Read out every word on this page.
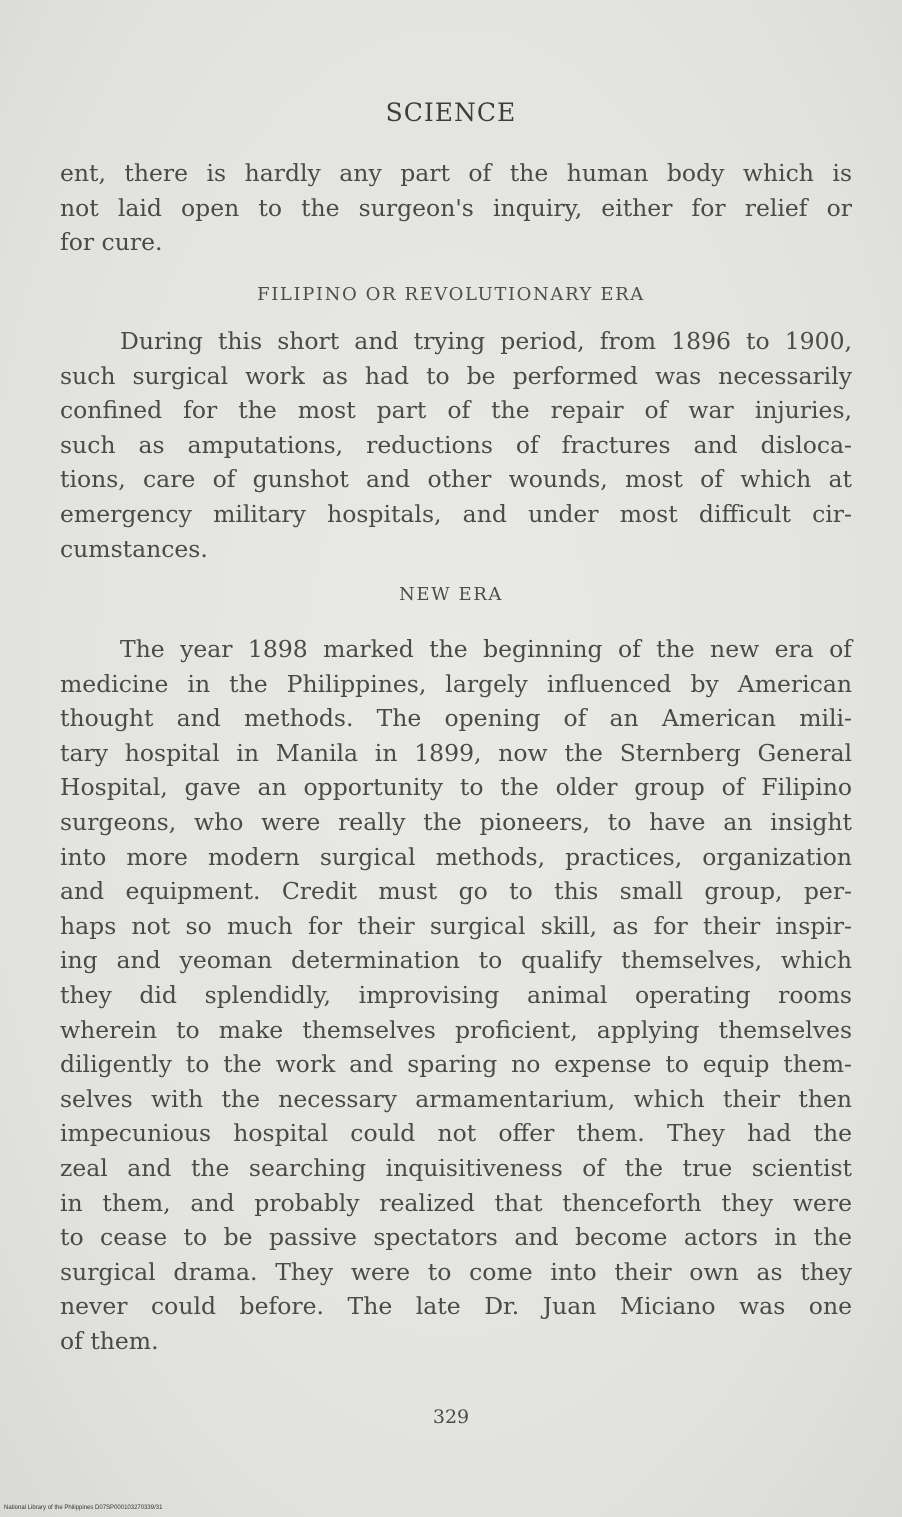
SCIENCE
ent, there is hardly any part of the human body which is
not laid open to the surgeon's inquiry, either for relief or
for cure.
FILIPINO OR REVOLUTIONARY ERA
During this short and trying period, from 1896 to 1900,
such surgical work as had to be performed was necessarily
confined for the most part of the repair of war injuries,
such as amputations, reductions of fractures and disloca-
tions, care of gunshot and other wounds, most of which at
emergency military hospitals, and under most difficult cir-
cumstances.
NEW ERA
The year 1898 marked the beginning of the new era of
medicine in the Philippines, largely influenced by American
thought and methods. The opening of an American mili-
tary hospital in Manila in 1899, now the Sternberg General
Hospital, gave an opportunity to the older group of Filipino
surgeons, who were really the pioneers, to have an insight
into more modern surgical methods, practices, organization
and equipment. Credit must go to this small group, per-
haps not so much for their surgical skill, as for their inspir-
ing and yeoman determination to qualify themselves, which
they did splendidly, improvising animal operating rooms
wherein to make themselves proficient, applying themselves
diligently to the work and sparing no expense to equip them-
selves with the necessary armamentarium, which their then
impecunious hospital could not offer them. They had the
zeal and the searching inquisitiveness of the true scientist
in them, and probably realized that thenceforth they were
to cease to be passive spectators and become actors in the
surgical drama. They were to come into their own as they
never could before. The late Dr. Juan Miciano was one
of them.
329
National Library of the Philippines D07SP000103270339/31
